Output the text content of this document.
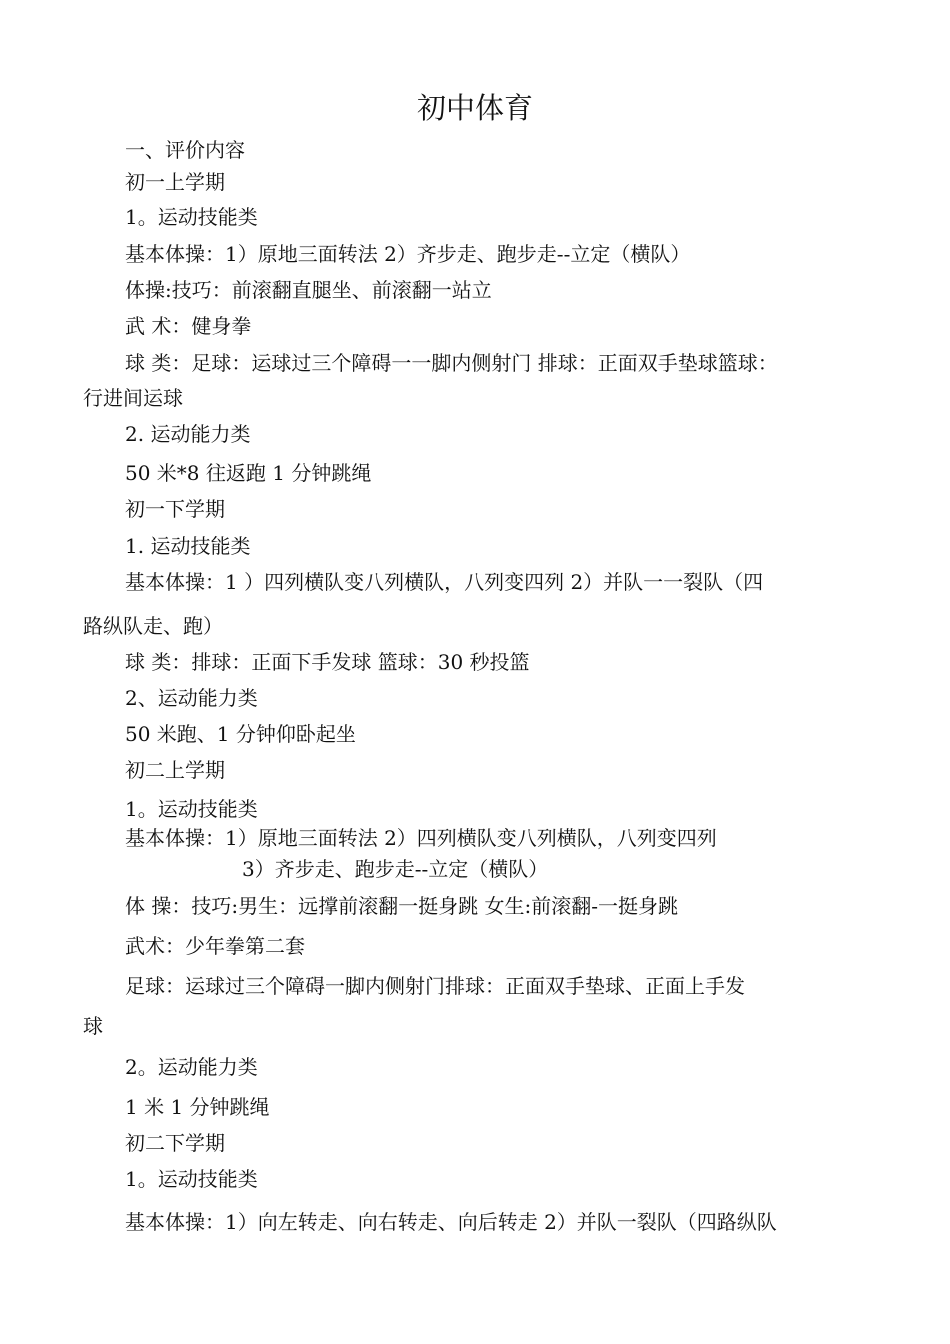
初中体育
一、评价内容
初一上学期
1。运动技能类
基本体操：1）原地三面转法 2）齐步走、跑步走--立定（横队）
体操:技巧：前滚翻直腿坐、前滚翻一站立
武 术：健身拳
球 类：足球：运球过三个障碍一一脚内侧射门 排球：正面双手垫球篮球：
行进间运球
2. 运动能力类
50 米*8 往返跑 1 分钟跳绳
初一下学期
1. 运动技能类
基本体操：1 ）四列横队变八列横队，八列变四列 2）并队一一裂队（四
路纵队走、跑）
球 类：排球：正面下手发球 篮球：30 秒投篮
2、运动能力类
50 米跑、1 分钟仰卧起坐
初二上学期
1。运动技能类
基本体操：1）原地三面转法 2）四列横队变八列横队，八列变四列
3）齐步走、跑步走--立定（横队）
体 操：技巧:男生：远撑前滚翻一挺身跳 女生:前滚翻-一挺身跳
武术：少年拳第二套
足球：运球过三个障碍一脚内侧射门排球：正面双手垫球、正面上手发
球
2。运动能力类
1 米 1 分钟跳绳
初二下学期
1。运动技能类
基本体操：1）向左转走、向右转走、向后转走 2）并队一裂队（四路纵队
